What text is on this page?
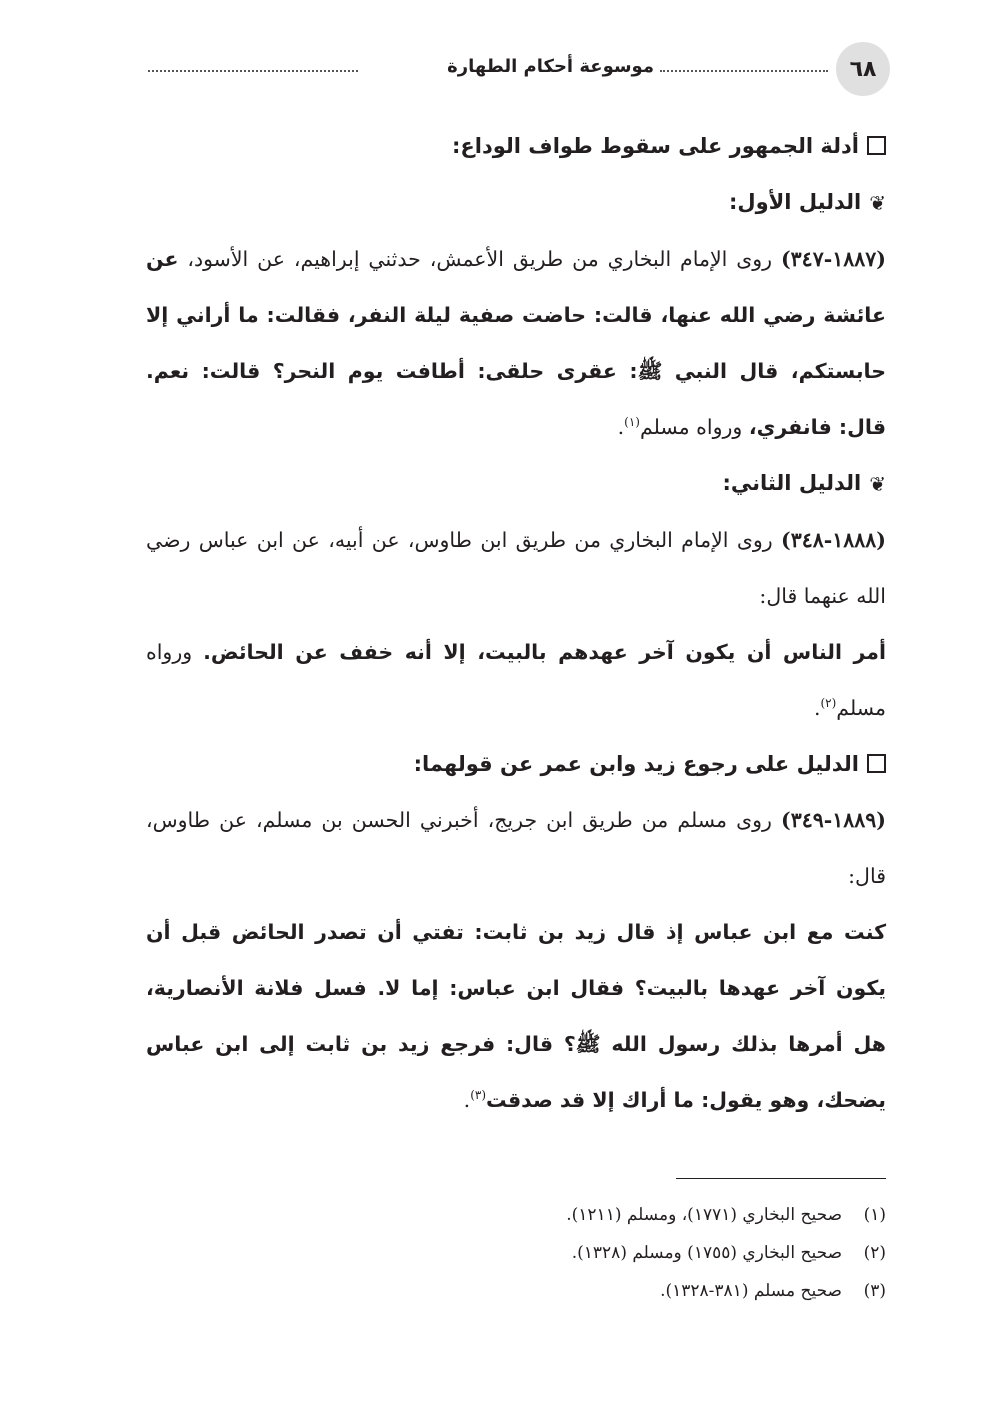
٦٨
موسوعة أحكام الطهارة

أدلة الجمهور على سقوط طواف الوداع:

❦الدليل الأول:

(١٨٨٧-٣٤٧) روى الإمام البخاري من طريق الأعمش، حدثني إبراهيم، عن الأسود، عن عائشة رضي الله عنها، قالت: حاضت صفية ليلة النفر، فقالت: ما أراني إلا حابستكم، قال النبي ﷺ: عقرى حلقى: أطافت يوم النحر؟ قالت: نعم. قال: فانفري، ورواه مسلم$^{(١)}$.

❦الدليل الثاني:

(١٨٨٨-٣٤٨) روى الإمام البخاري من طريق ابن طاوس، عن أبيه، عن ابن عباس رضي الله عنهما قال:

أمر الناس أن يكون آخر عهدهم بالبيت، إلا أنه خفف عن الحائض. ورواه مسلم$^{(٢)}$.

الدليل على رجوع زيد وابن عمر عن قولهما:

(١٨٨٩-٣٤٩) روى مسلم من طريق ابن جريج، أخبرني الحسن بن مسلم، عن طاوس، قال:

كنت مع ابن عباس إذ قال زيد بن ثابت: تفتي أن تصدر الحائض قبل أن يكون آخر عهدها بالبيت؟ فقال ابن عباس: إما لا. فسل فلانة الأنصارية، هل أمرها بذلك رسول الله ﷺ؟ قال: فرجع زيد بن ثابت إلى ابن عباس يضحك، وهو يقول: ما أراك إلا قد صدقت$^{(٣)}$.

(١)
صحيح البخاري (١٧٧١)، ومسلم (١٢١١).
(٢)
صحيح البخاري (١٧٥٥) ومسلم (١٣٢٨).
(٣)
صحيح مسلم (٣٨١-١٣٢٨).
